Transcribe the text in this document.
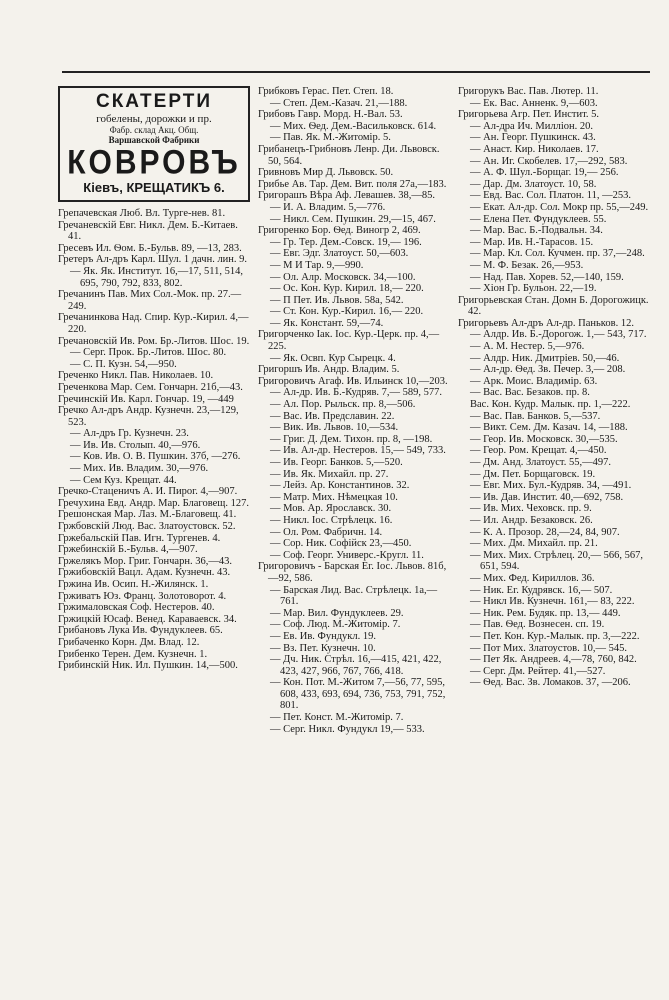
СКАТЕРТИ
гобелены, дорожки и пр.
Фабр. склад Акц. Общ.
Варшавской Фабрики
КОВРОВЪ
Кіевъ, КРЕЩАТИКЪ 6.

Грепачевская Люб. Вл. Турге-нев. 81.

Гречаневскій Евг. Никл. Дем. Б.-Китаев. 41.

Гресевъ Ил. Ѳом. Б.-Бульв. 89, —13, 283.

Гретеръ Ал-дръ Карл. Шул. 1 дачн. лин. 9.

— Як. Як. Институт. 16,—17, 511, 514, 695, 790, 792, 833, 802.

Гречанинъ Пав. Мих Сол.-Мок. пр. 27.—249.

Гречанинкова Над. Спир. Кур.-Кирил. 4,—220.

Гречановскій Ив. Ром. Бр.-Литов. Шос. 19.

— Серг. Прок. Бр.-Литов. Шос. 80.

— С. П. Кузн. 54,—950.

Греченко Никл. Пав. Николаев. 10.

Греченкова Мар. Сем. Гончарн. 21б,—43.

Гречинскій Ив. Карл. Гончар. 19, —449

Гречко Ал-дръ Андр. Кузнечн. 23,—129, 523.

— Ал-дръ Гр. Кузнечн. 23.

— Ив. Ив. Столып. 40,—976.

— Ков. Ив. О. В. Пушкин. 37б, —276.

— Мих. Ив. Владим. 30,—976.

— Сем Куз. Крещат. 44.

Гречко-Стаценичъ А. И. Пирог. 4,—907.

Гречухина Евд. Андр. Мар. Благовещ. 127.

Грешонская Мар. Лаз. М.-Благовещ. 41.

Гржбовскій Люд. Вас. Златоустовск. 52.

Гржебальскій Пав. Игн. Тургенев. 4.

Гржебинскій Б.-Бульв. 4,—907.

Гржелякъ Мор. Григ. Гончарн. 36,—43.

Гржибовскій Вацл. Адам. Кузнечн. 43.

Гржина Ив. Осип. Н.-Жилянск. 1.

Грживатъ Юз. Франц. Золотоворот. 4.

Гржималовская Соф. Нестеров. 40.

Гржицкій Юсаф. Венед. Караваевск. 34.

Грибановъ Лука Ив. Фундуклеев. 65.

Грибаченко Корн. Дм. Влад. 12.

Грибенко Терен. Дем. Кузнечн. 1.

Грибинскій Ник. Ил. Пушкин. 14,—500.

Грибковъ Герас. Пет. Степ. 18.

— Степ. Дем.-Казач. 21,—188.

Грибовъ Гавр. Морд. Н.-Вал. 53.

— Мих. Ѳед. Дем.-Васильковск. 614.

— Пав. Як. М.-Житомір. 5.

Грибанецъ-Грибновъ Ленр. Ди. Львовск. 50, 564.

Гривновъ Мир Д. Львовск. 50.

Грибье Ав. Тар. Дем. Вит. поля 27а,—183.

Григорашъ Вѣра Аф. Левашев. 38,—85.

— И. А. Владим. 5,—776.

— Никл. Сем. Пушкин. 29,—15, 467.

Григоренко Бор. Ѳед. Виногр 2, 469.

— Гр. Тер. Дем.-Совск. 19,— 196.

— Евг. Эдг. Златоуст. 50,—603.

— М И Тар. 9,—990.

— Ол. Алр. Московск. 34,—100.

— Ос. Кон. Кур. Кирил. 18,— 220.

— П Пет. Ив. Львов. 58а, 542.

— Ст. Кон. Кур.-Кирил. 16,— 220.

— Як. Констант. 59,—74.

Григорченко Іак. Іос. Кур.-Церк. пр. 4,—225.

— Як. Освп. Кур Сырецк. 4.

Григоршъ Ив. Андр. Владим. 5.

Григоровичъ Агаф. Ив. Ильинск 10,—203.

— Ал-др. Ив. Б.-Кудряв. 7,— 589, 577.

— Ал. Пор. Рыльск. пр. 8,—506.

— Вас. Ив. Предславин. 22.

— Вик. Ив. Львов. 10,—534.

— Григ. Д. Дем. Тихон. пр. 8, —198.

— Ив. Ал-др. Нестеров. 15,— 549, 733.

— Ив. Георг. Банков. 5,—520.

— Ив. Як. Михайл. пр. 27.

— Лейз. Ар. Константинов. 32.

— Матр. Мих. Нѣмецкая 10.

— Мов. Ар. Ярославск. 30.

— Никл. Іос. Стрѣлецк. 16.

— Ол. Ром. Фабричн. 14.

— Сор. Ник. Софійск 23,—450.

— Соф. Георг. Универс.-Кругл. 11.

Григоровичъ - Барская Ег. Іос. Львов. 81б,—92, 586.

— Барская Лид. Вас. Стрѣлецк. 1а,—761.

— Мар. Вил. Фундуклеев. 29.

— Соф. Люд. М.-Житомір. 7.

— Ев. Ив. Фундукл. 19.

— Вз. Пет. Кузнечн. 10.

— Дч. Ник. Стрѣл. 16,—415, 421, 422, 423, 427, 966, 767, 766, 418.

— Кон. Пот. М.-Житом 7,—56, 77, 595, 608, 433, 693, 694, 736, 753, 791, 752, 801.

— Пет. Конст. М.-Житомір. 7.

— Серг. Никл. Фундукл 19,— 533.

Григорукъ Вас. Пав. Лютер. 11.

— Ек. Вас. Анненк. 9,—603.

Григорьева Агр. Пет. Инстит. 5.

— Ал-дра Ич. Милліон. 20.

— Ан. Георг. Пушкинск. 43.

— Анаст. Кир. Николаев. 17.

— Ан. Иг. Скобелев. 17,—292, 583.

— А. Ф. Шул.-Борщаг. 19,— 256.

— Дар. Дм. Златоуст. 10, 58.

— Евд. Вас. Сол. Платон. 11, —253.

— Екат. Ал-др. Сол. Мокр пр. 55,—249.

— Елена Пет. Фундуклеев. 55.

— Мар. Вас. Б.-Подвальн. 34.

— Мар. Ив. Н.-Тарасов. 15.

— Мар. Кл. Сол. Кучмен. пр. 37,—248.

— М. Ф. Безак. 26,—953.

— Над. Пав. Хорев. 52,—140, 159.

— Хіон Гр. Бульон. 22,—19.

Григорьевская Стан. Домн Б. Дорогожицк. 42.

Григорьевъ Ал-дръ Ал-др. Паньков. 12.

— Алдр. Ив. Б.-Дорогож. 1,— 543, 717.

— А. М. Нестер. 5,—976.

— Алдр. Ник. Дмитріев. 50,—46.

— Ал-др. Ѳед. Зв. Печер. 3,— 208.

— Арк. Моис. Владимір. 63.

— Вас. Вас. Безаков. пр. 8.

Вас. Кон. Кудр. Малык. пр. 1,—222.

— Вас. Пав. Банков. 5,—537.

— Викт. Сем. Дм. Казач. 14, —188.

— Геор. Ив. Московск. 30,—535.

— Геор. Ром. Крещат. 4,—450.

— Дм. Анд. Златоуст. 55,—497.

— Дм. Пет. Борщаговск. 19.

— Евг. Мих. Бул.-Кудряв. 34, —491.

— Ив. Дав. Инстит. 40,—692, 758.

— Ив. Мих. Чеховск. пр. 9.

— Ил. Андр. Безаковск. 26.

— К. А. Прозор. 28,—24, 84, 907.

— Мих. Дм. Михайл. пр. 21.

— Мих. Мих. Стрѣлец. 20,— 566, 567, 651, 594.

— Мих. Фед. Кириллов. 36.

— Ник. Ег. Кудрявск. 16,— 507.

— Никл Ив. Кузнечн. 161,— 83, 222.

— Ник. Рем. Будяк. пр. 13,— 449.

— Пав. Ѳед. Вознесен. сп. 19.

— Пет. Кон. Кур.-Малык. пр. 3,—222.

— Пот Мих. Златоустов. 10,— 545.

— Пет Як. Андреев. 4,—78, 760, 842.

— Серг. Дм. Рейтер. 41,—527.

— Ѳед. Вас. Зв. Ломаков. 37, —206.
